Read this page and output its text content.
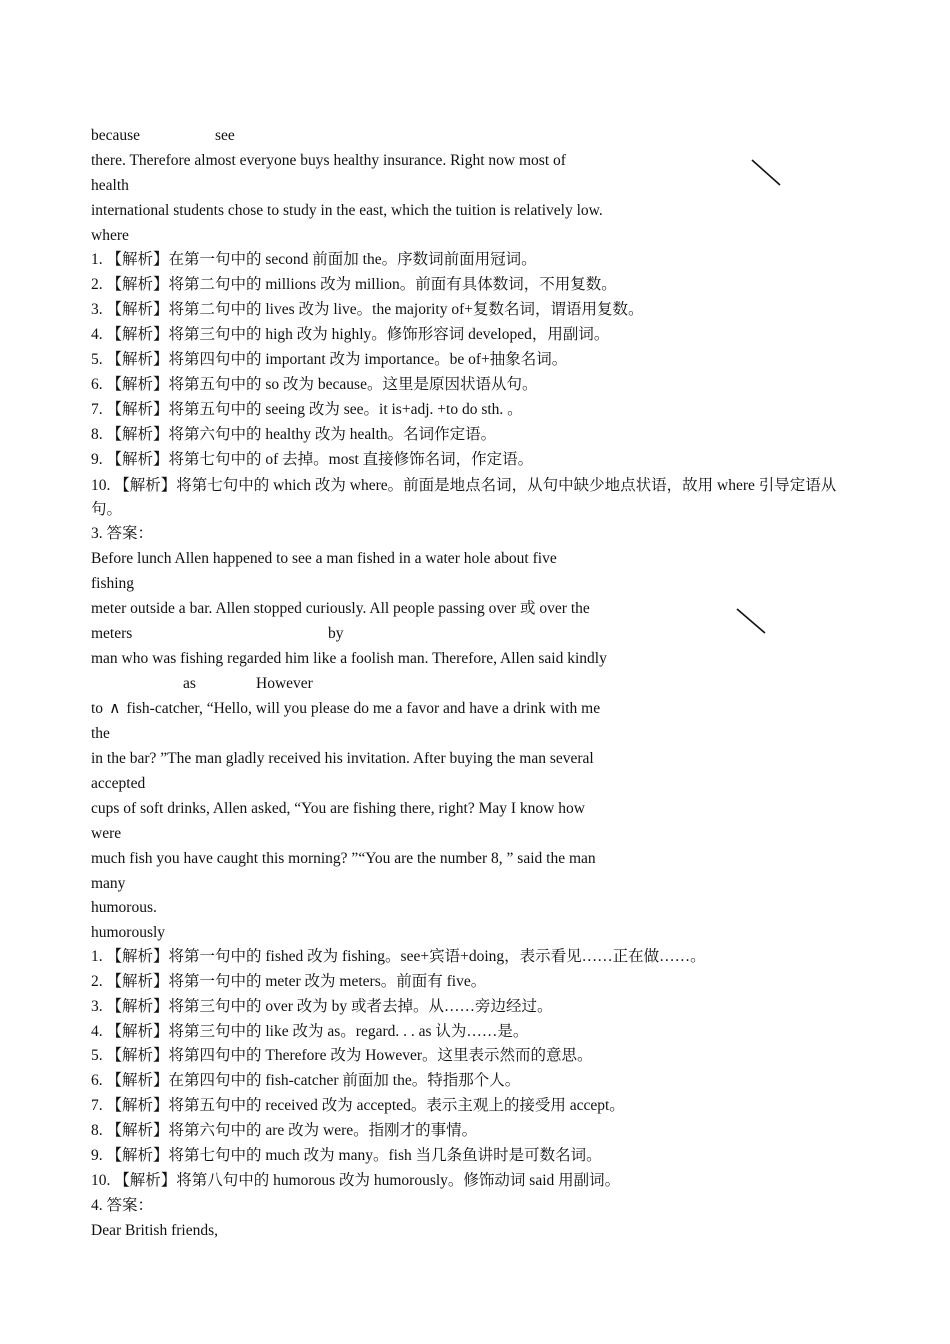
because	see
there. Therefore almost everyone buys healthy insurance. Right now most of
health
international students chose to study in the east, which the tuition is relatively low.
where
1. 【解析】在第一句中的 second 前面加 the。序数词前面用冠词。
2. 【解析】将第二句中的 millions 改为 million。前面有具体数词，不用复数。
3. 【解析】将第二句中的 lives 改为 live。the majority of+复数名词，谓语用复数。
4. 【解析】将第三句中的 high 改为 highly。修饰形容词 developed，用副词。
5. 【解析】将第四句中的 important 改为 importance。be of+抽象名词。
6. 【解析】将第五句中的 so 改为 because。这里是原因状语从句。
7. 【解析】将第五句中的 seeing 改为 see。it is+adj. +to do sth. 。
8. 【解析】将第六句中的 healthy 改为 health。名词作定语。
9. 【解析】将第七句中的 of 去掉。most 直接修饰名词，作定语。
10. 【解析】将第七句中的 which 改为 where。前面是地点名词，从句中缺少地点状语，故用 where 引导定语从句。
3. 答案：
Before lunch Allen happened to see a man fished in a water hole about five
fishing
meter outside a bar. Allen stopped curiously. All people passing over 或 over the
meters	by
man who was fishing regarded him like a foolish man. Therefore, Allen said kindly
as	However
to ∧ fish-catcher, “Hello, will you please do me a favor and have a drink with me
the
in the bar? ”The man gladly received his invitation. After buying the man several
accepted
cups of soft drinks, Allen asked, “You are fishing there, right? May I know how
were
much fish you have caught this morning? ”“You are the number 8, ” said the man
many
humorous.
humorously
1. 【解析】将第一句中的 fished 改为 fishing。see+宾语+doing，表示看见……正在做……。
2. 【解析】将第一句中的 meter 改为 meters。前面有 five。
3. 【解析】将第三句中的 over 改为 by 或者去掉。从……旁边经过。
4. 【解析】将第三句中的 like 改为 as。regard. . . as 认为……是。
5. 【解析】将第四句中的 Therefore 改为 However。这里表示然而的意思。
6. 【解析】在第四句中的 fish-catcher 前面加 the。特指那个人。
7. 【解析】将第五句中的 received 改为 accepted。表示主观上的接受用 accept。
8. 【解析】将第六句中的 are 改为 were。指刚才的事情。
9. 【解析】将第七句中的 much 改为 many。fish 当几条鱼讲时是可数名词。
10. 【解析】将第八句中的 humorous 改为 humorously。修饰动词 said 用副词。
4. 答案：
Dear British friends,
